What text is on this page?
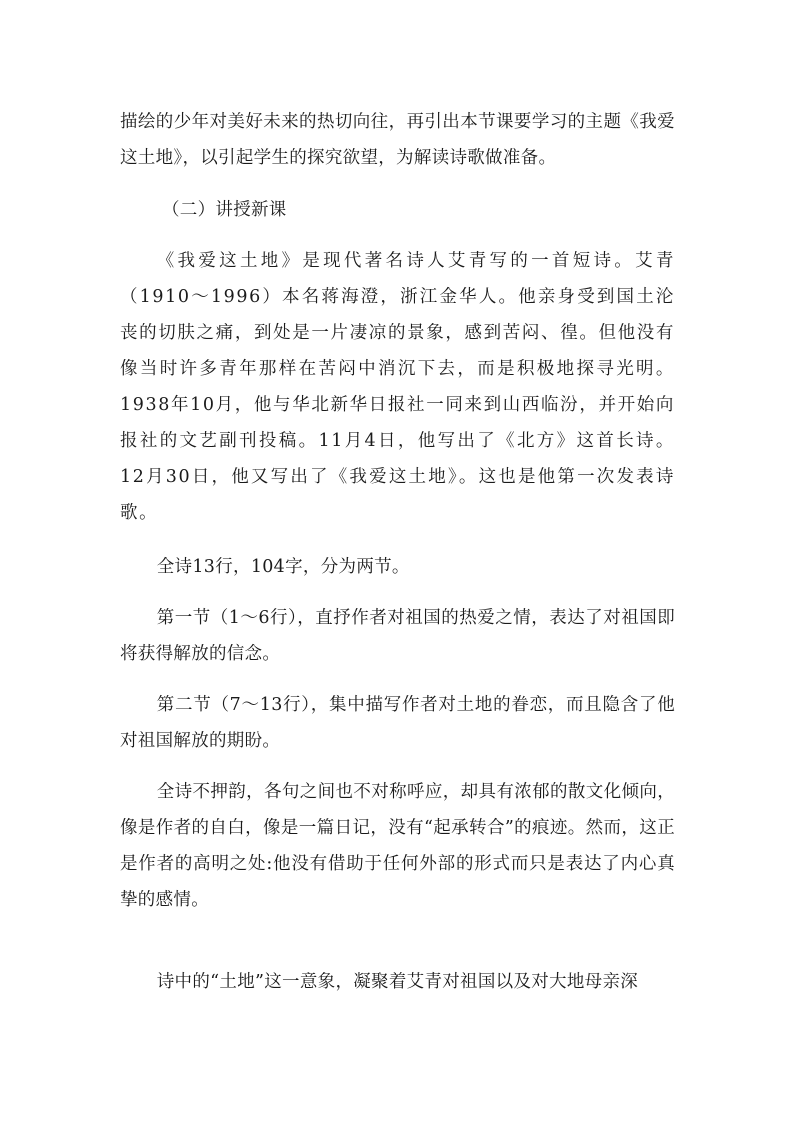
描绘的少年对美好未来的热切向往，再引出本节课要学习的主题《我爱这土地》，以引起学生的探究欲望，为解读诗歌做准备。
（二）讲授新课
《我爱这土地》是现代著名诗人艾青写的一首短诗。艾青（1910～1996）本名蒋海澄，浙江金华人。他亲身受到国土沦丧的切肤之痛，到处是一片凄凉的景象，感到苦闷、徨。但他没有像当时许多青年那样在苦闷中消沉下去，而是积极地探寻光明。1938年10月，他与华北新华日报社一同来到山西临汾，并开始向报社的文艺副刊投稿。11月4日，他写出了《北方》这首长诗。12月30日，他又写出了《我爱这土地》。这也是他第一次发表诗歌。
全诗13行，104字，分为两节。
第一节（1～6行），直抒作者对祖国的热爱之情，表达了对祖国即将获得解放的信念。
第二节（7～13行），集中描写作者对土地的眷恋，而且隐含了他对祖国解放的期盼。
全诗不押韵，各句之间也不对称呼应，却具有浓郁的散文化倾向，像是作者的自白，像是一篇日记，没有“起承转合”的痕迹。然而，这正是作者的高明之处:他没有借助于任何外部的形式而只是表达了内心真挚的感情。
诗中的“土地”这一意象，凝聚着艾青对祖国以及对大地母亲深
